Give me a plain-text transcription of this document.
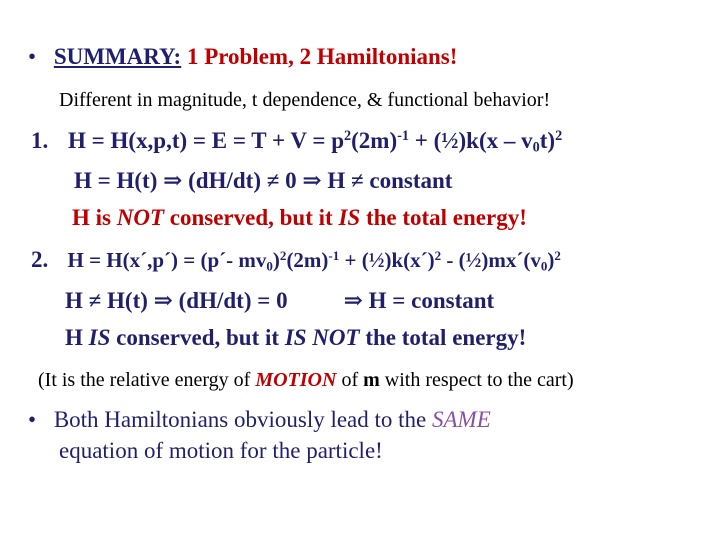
• SUMMARY: 1 Problem, 2 Hamiltonians!
Different in magnitude, t dependence, & functional behavior!
1. $H = H(x,p,t) = E = T + V = p^2(2m)^{-1}$ + (½)k(x – $v_0t)^2$
H = H(t) ⇒ (dH/dt) ≠ 0 ⇒ H ≠ constant
H is NOT conserved, but it IS the total energy!
2. H = H(x´,p´) = (p´- $mv_0)^2(2m)^{-1}$ + (½)k(x´)$^2$ - $(\frac{1}{2})mx´(v_0)^2$
H ≠ H(t) ⇒ (dH/dt) = 0 ⇒ H = constant
H IS conserved, but it IS NOT the total energy!
(It is the relative energy of MOTION of m with respect to the cart)
• Both Hamiltonians obviously lead to the SAME
equation of motion for the particle!
